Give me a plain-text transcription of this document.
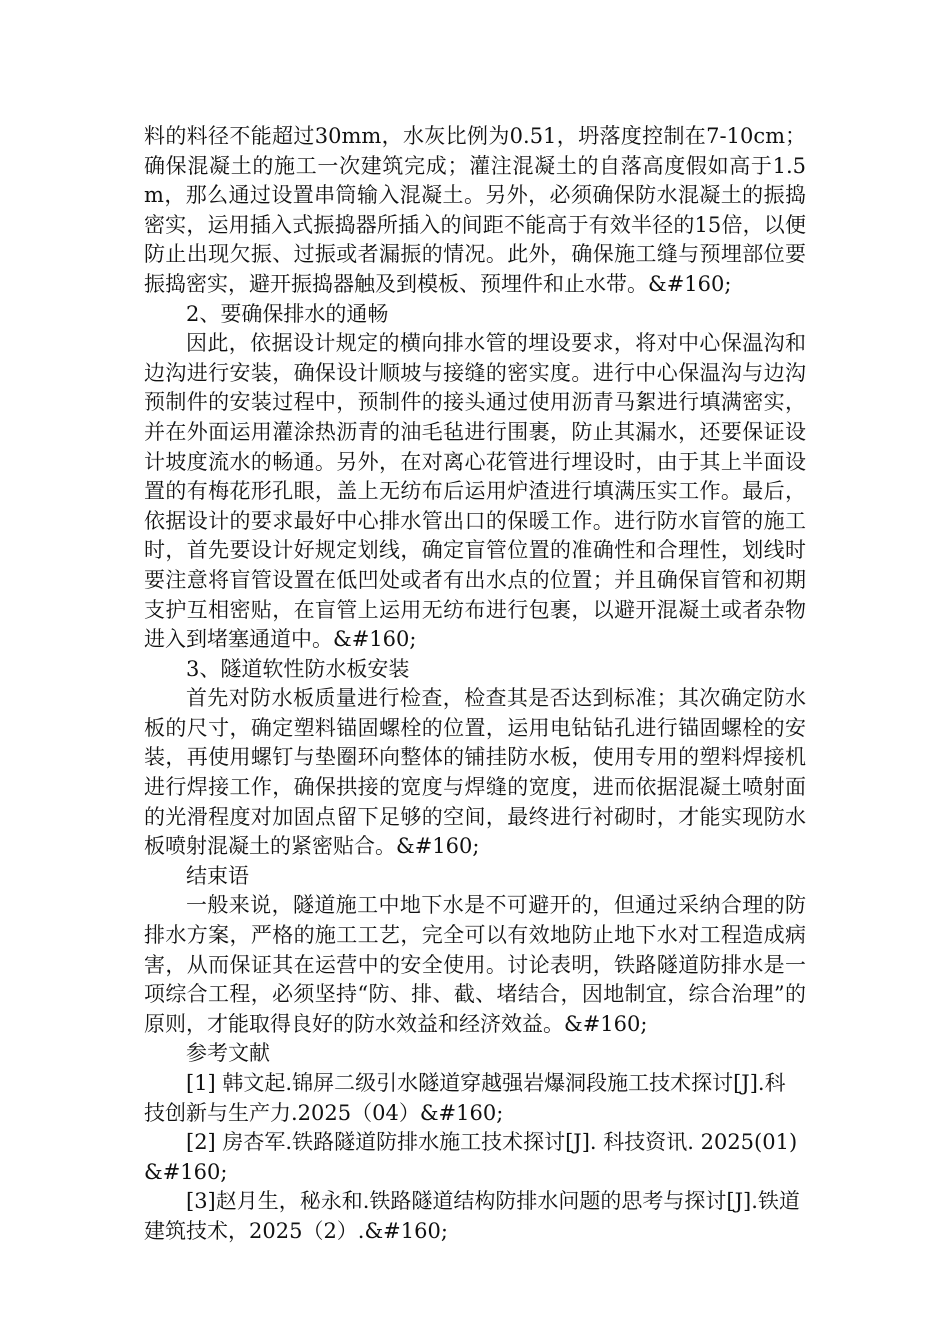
料的料径不能超过30mm，水灰比例为0.51，坍落度控制在7-10cm；确保混凝土的施工一次建筑完成；灌注混凝土的自落高度假如高于1.5m，那么通过设置串筒输入混凝土。另外，必须确保防水混凝土的振捣密实，运用插入式振捣器所插入的间距不能高于有效半径的15倍，以便防止出现欠振、过振或者漏振的情况。此外，确保施工缝与预埋部位要振捣密实，避开振捣器触及到模板、预埋件和止水带。&#160;

2、要确保排水的通畅

因此，依据设计规定的横向排水管的埋设要求，将对中心保温沟和边沟进行安装，确保设计顺坡与接缝的密实度。进行中心保温沟与边沟预制件的安装过程中，预制件的接头通过使用沥青马絮进行填满密实，并在外面运用灌涂热沥青的油毛毡进行围裹，防止其漏水，还要保证设计坡度流水的畅通。另外，在对离心花管进行埋设时，由于其上半面设置的有梅花形孔眼，盖上无纺布后运用炉渣进行填满压实工作。最后，依据设计的要求最好中心排水管出口的保暖工作。进行防水盲管的施工时，首先要设计好规定划线，确定盲管位置的准确性和合理性，划线时要注意将盲管设置在低凹处或者有出水点的位置；并且确保盲管和初期支护互相密贴，在盲管上运用无纺布进行包裹，以避开混凝土或者杂物进入到堵塞通道中。&#160;

3、隧道软性防水板安装

首先对防水板质量进行检查，检查其是否达到标准；其次确定防水板的尺寸，确定塑料锚固螺栓的位置，运用电钻钻孔进行锚固螺栓的安装，再使用螺钉与垫圈环向整体的铺挂防水板，使用专用的塑料焊接机进行焊接工作，确保拱接的宽度与焊缝的宽度，进而依据混凝土喷射面的光滑程度对加固点留下足够的空间，最终进行衬砌时，才能实现防水板喷射混凝土的紧密贴合。&#160;

结束语

一般来说，隧道施工中地下水是不可避开的，但通过采纳合理的防排水方案，严格的施工工艺，完全可以有效地防止地下水对工程造成病害，从而保证其在运营中的安全使用。讨论表明，铁路隧道防排水是一项综合工程，必须坚持“防、排、截、堵结合，因地制宜，综合治理”的原则，才能取得良好的防水效益和经济效益。&#160;

参考文献

[1] 韩文起.锦屏二级引水隧道穿越强岩爆洞段施工技术探讨[J].科技创新与生产力.2025（04）&#160;

[2] 房杏军.铁路隧道防排水施工技术探讨[J]. 科技资讯. 2025(01)&#160;

[3]赵月生，秘永和.铁路隧道结构防排水问题的思考与探讨[J].铁道建筑技术，2025（2）.&#160;
